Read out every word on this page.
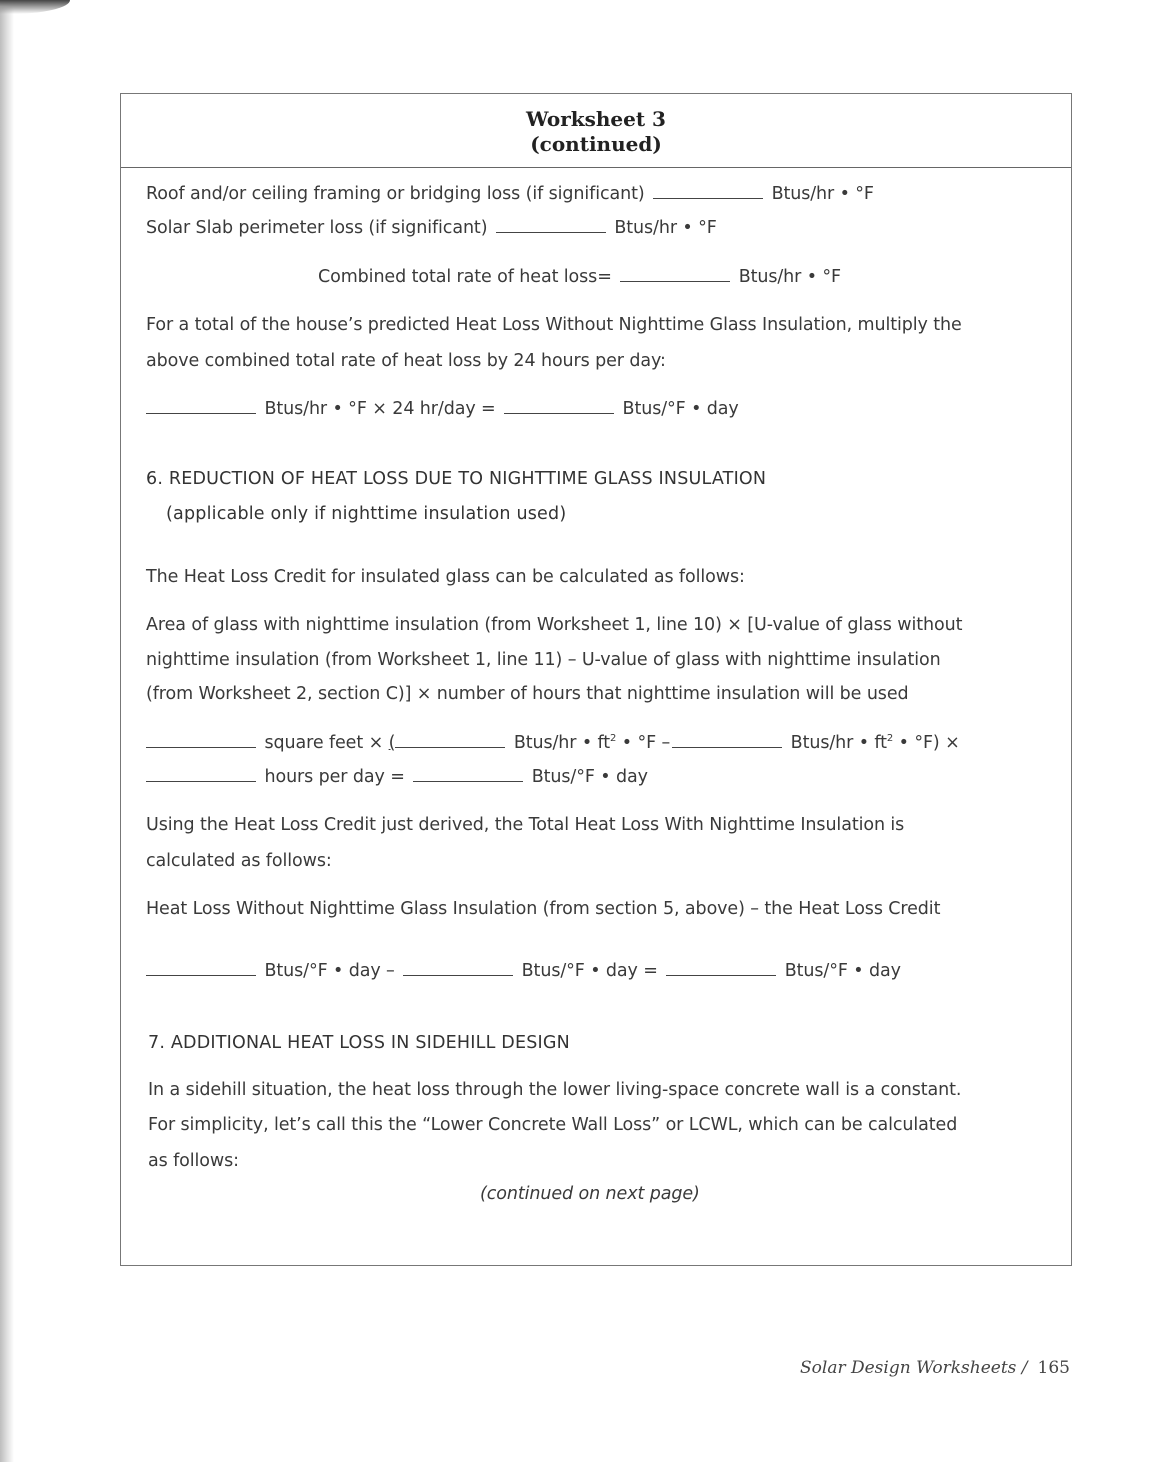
Worksheet 3
(continued)
Roof and/or ceiling framing or bridging loss (if significant)	Btus/hr • °F
Solar Slab perimeter loss (if significant)	Btus/hr • °F
Combined total rate of heat loss=	Btus/hr • °F
For a total of the house’s predicted Heat Loss Without Nighttime Glass Insulation, multiply the
above combined total rate of heat loss by 24 hours per day:
Btus/hr • °F × 24 hr/day =	Btus/°F • day
6. REDUCTION OF HEAT LOSS DUE TO NIGHTTIME GLASS INSULATION
(applicable only if nighttime insulation used)
The Heat Loss Credit for insulated glass can be calculated as follows:
Area of glass with nighttime insulation (from Worksheet 1, line 10) × [U-value of glass without
nighttime insulation (from Worksheet 1, line 11) – U-value of glass with nighttime insulation
(from Worksheet 2, section C)] × number of hours that nighttime insulation will be used
square feet × (	Btus/hr • $ft^2$ • °F –	Btus/hr • $ft^2$ • °F) ×
hours per day =	Btus/°F • day
Using the Heat Loss Credit just derived, the Total Heat Loss With Nighttime Insulation is
calculated as follows:
Heat Loss Without Nighttime Glass Insulation (from section 5, above) – the Heat Loss Credit
Btus/°F • day –	Btus/°F • day =	Btus/°F • day
7. ADDITIONAL HEAT LOSS IN SIDEHILL DESIGN
In a sidehill situation, the heat loss through the lower living-space concrete wall is a constant.
For simplicity, let’s call this the “Lower Concrete Wall Loss” or LCWL, which can be calculated
as follows:
(continued on next page)
Solar Design Worksheets / 165
